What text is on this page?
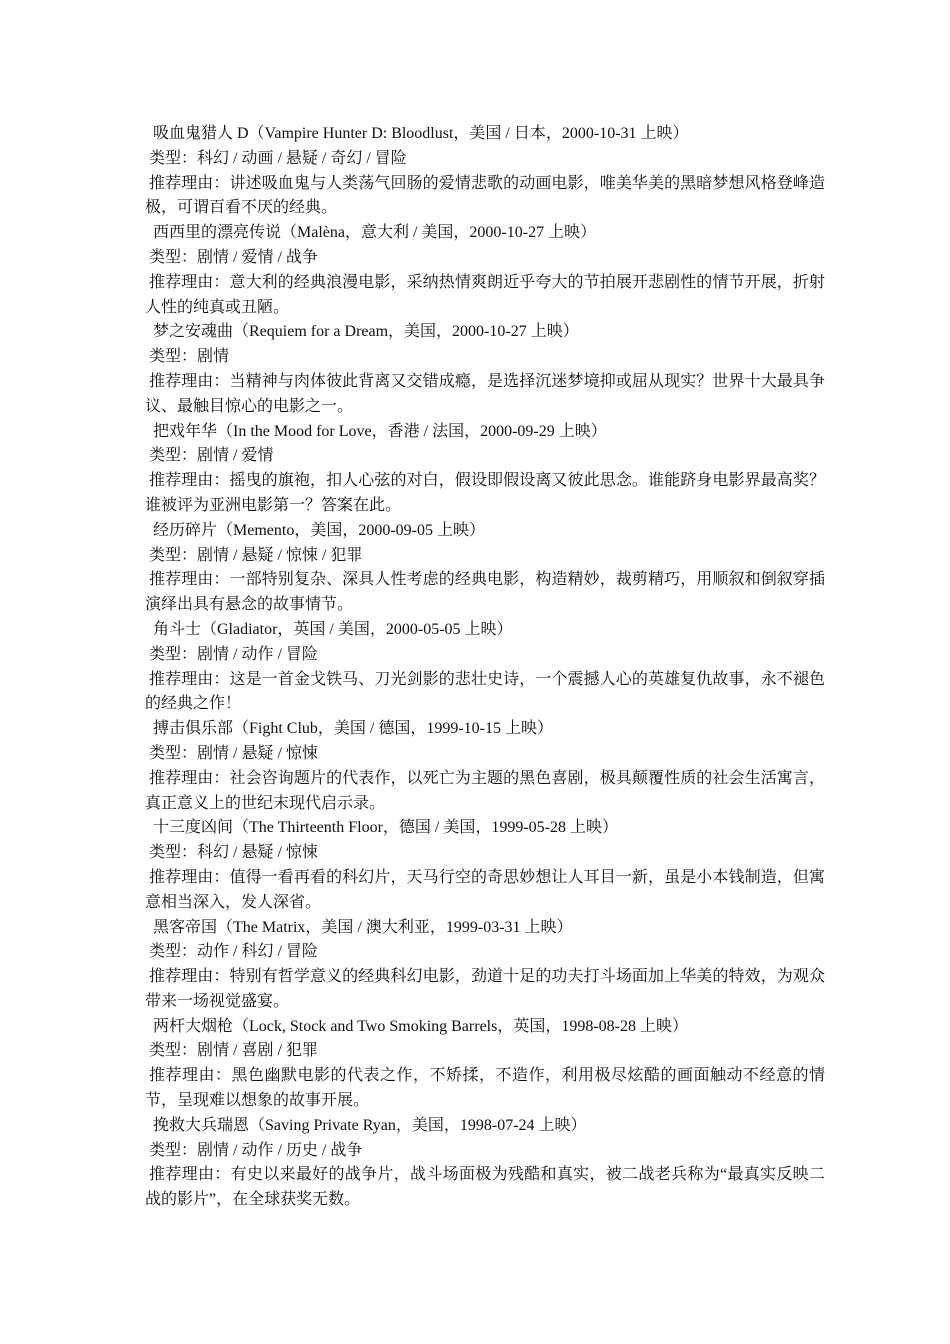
吸血鬼猎人 D（Vampire Hunter D: Bloodlust，美国 / 日本，2000-10-31 上映）

类型：科幻 / 动画 / 悬疑 / 奇幻 / 冒险

推荐理由：讲述吸血鬼与人类荡气回肠的爱情悲歌的动画电影，唯美华美的黑暗梦想风格登峰造极，可谓百看不厌的经典。

西西里的漂亮传说（Malèna，意大利 / 美国，2000-10-27 上映）

类型：剧情 / 爱情 / 战争

推荐理由：意大利的经典浪漫电影，采纳热情爽朗近乎夸大的节拍展开悲剧性的情节开展，折射人性的纯真或丑陋。

梦之安魂曲（Requiem for a Dream，美国，2000-10-27 上映）

类型：剧情

推荐理由：当精神与肉体彼此背离又交错成瘾，是选择沉迷梦境抑或屈从现实？世界十大最具争议、最触目惊心的电影之一。

把戏年华（In the Mood for Love，香港 / 法国，2000-09-29 上映）

类型：剧情 / 爱情

推荐理由：摇曳的旗袍，扣人心弦的对白，假设即假设离又彼此思念。谁能跻身电影界最高奖？谁被评为亚洲电影第一？答案在此。

经历碎片（Memento，美国，2000-09-05 上映）

类型：剧情 / 悬疑 / 惊悚 / 犯罪

推荐理由：一部特别复杂、深具人性考虑的经典电影，构造精妙，裁剪精巧，用顺叙和倒叙穿插演绎出具有悬念的故事情节。

角斗士（Gladiator，英国 / 美国，2000-05-05 上映）

类型：剧情 / 动作 / 冒险

推荐理由：这是一首金戈铁马、刀光剑影的悲壮史诗，一个震撼人心的英雄复仇故事，永不褪色的经典之作！

搏击俱乐部（Fight Club，美国 / 德国，1999-10-15 上映）

类型：剧情 / 悬疑 / 惊悚

推荐理由：社会咨询题片的代表作，以死亡为主题的黑色喜剧，极具颠覆性质的社会生活寓言，真正意义上的世纪末现代启示录。

十三度凶间（The Thirteenth Floor，德国 / 美国，1999-05-28 上映）

类型：科幻 / 悬疑 / 惊悚

推荐理由：值得一看再看的科幻片，天马行空的奇思妙想让人耳目一新，虽是小本钱制造，但寓意相当深入，发人深省。

黑客帝国（The Matrix，美国 / 澳大利亚，1999-03-31 上映）

类型：动作 / 科幻 / 冒险

推荐理由：特别有哲学意义的经典科幻电影，劲道十足的功夫打斗场面加上华美的特效，为观众带来一场视觉盛宴。

两杆大烟枪（Lock, Stock and Two Smoking Barrels，英国，1998-08-28 上映）

类型：剧情 / 喜剧 / 犯罪

推荐理由：黑色幽默电影的代表之作，不矫揉，不造作，利用极尽炫酷的画面触动不经意的情节，呈现难以想象的故事开展。

挽救大兵瑞恩（Saving Private Ryan，美国，1998-07-24 上映）

类型：剧情 / 动作 / 历史 / 战争

推荐理由：有史以来最好的战争片，战斗场面极为残酷和真实，被二战老兵称为“最真实反映二战的影片”，在全球获奖无数。
